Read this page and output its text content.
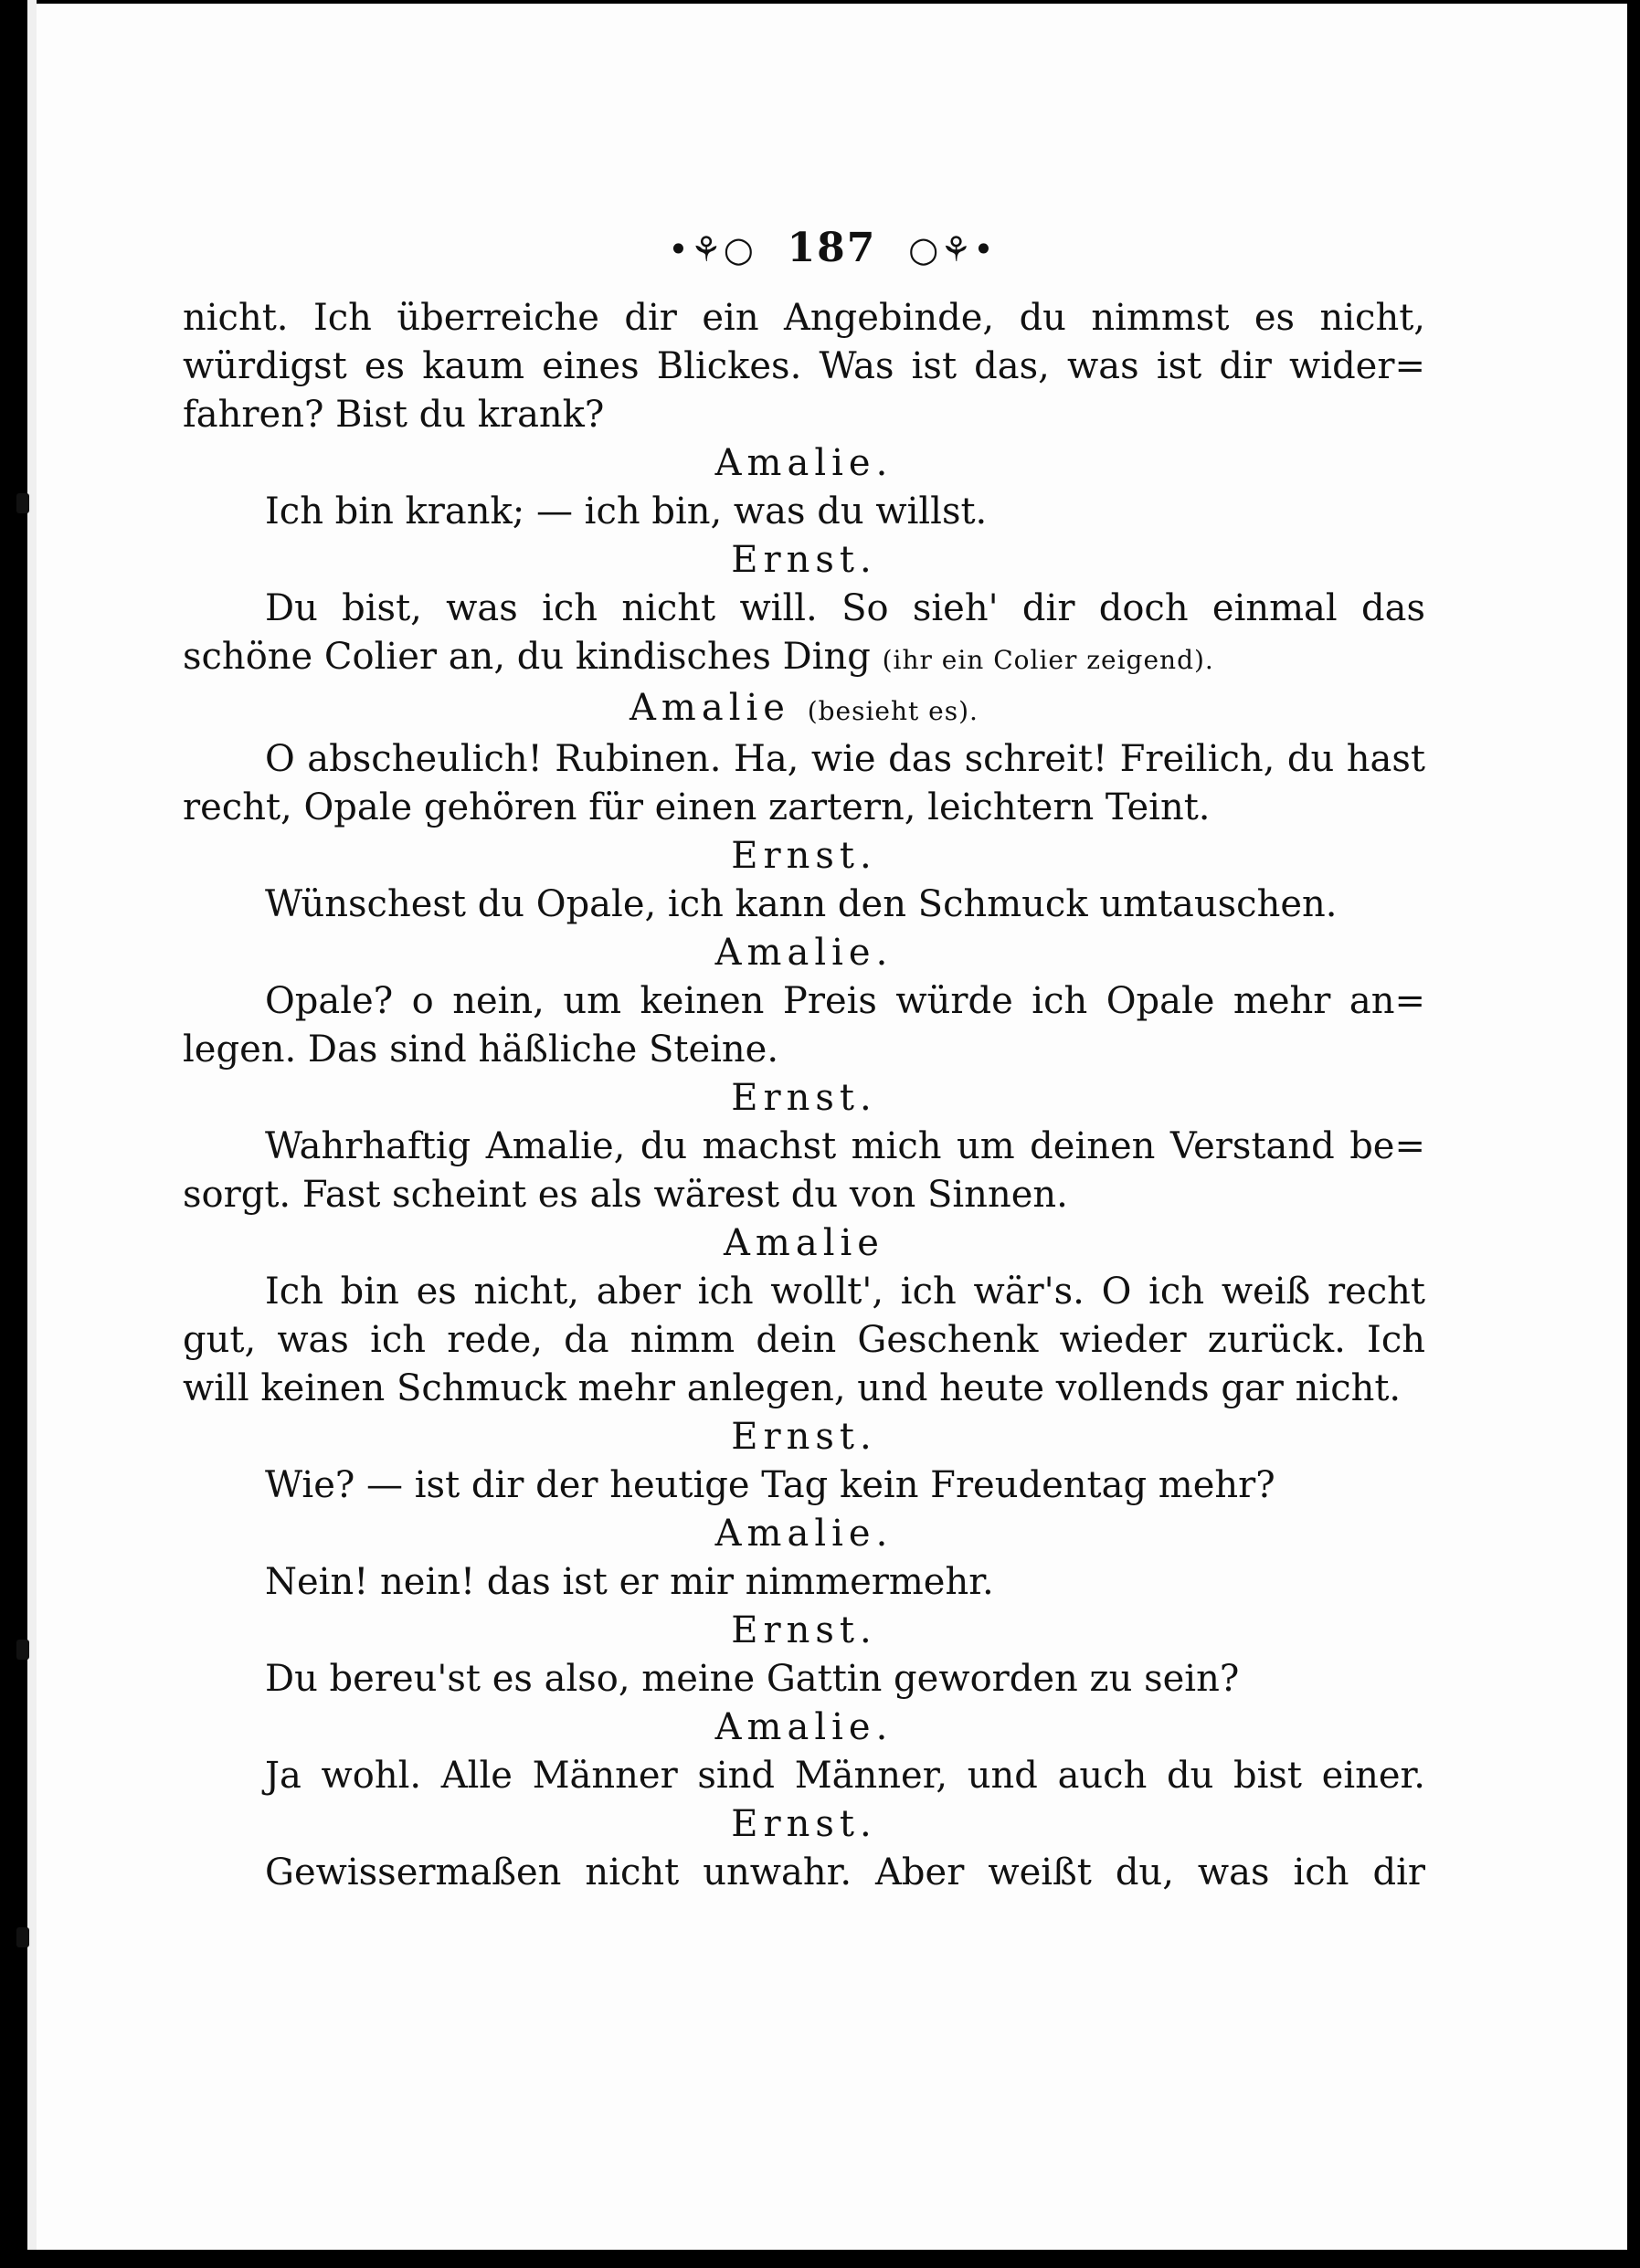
•⚘○ 187 ○⚘•
nicht. Ich überreiche dir ein Angebinde, du nimmst es nicht,
würdigst es kaum eines Blickes. Was ist das, was ist dir wider=
fahren? Bist du krank?
Amalie.
Ich bin krank; — ich bin, was du willst.
Ernst.
Du bist, was ich nicht will. So sieh' dir doch einmal das
schöne Colier an, du kindisches Ding (ihr ein Colier zeigend).
Amalie (besieht es).
O abscheulich! Rubinen. Ha, wie das schreit! Freilich, du hast
recht, Opale gehören für einen zartern, leichtern Teint.
Ernst.
Wünschest du Opale, ich kann den Schmuck umtauschen.
Amalie.
Opale? o nein, um keinen Preis würde ich Opale mehr an=
legen. Das sind häßliche Steine.
Ernst.
Wahrhaftig Amalie, du machst mich um deinen Verstand be=
sorgt. Fast scheint es als wärest du von Sinnen.
Amalie
Ich bin es nicht, aber ich wollt', ich wär's. O ich weiß recht
gut, was ich rede, da nimm dein Geschenk wieder zurück. Ich
will keinen Schmuck mehr anlegen, und heute vollends gar nicht.
Ernst.
Wie? — ist dir der heutige Tag kein Freudentag mehr?
Amalie.
Nein! nein! das ist er mir nimmermehr.
Ernst.
Du bereu'st es also, meine Gattin geworden zu sein?
Amalie.
Ja wohl. Alle Männer sind Männer, und auch du bist einer.
Ernst.
Gewissermaßen nicht unwahr. Aber weißt du, was ich dir
